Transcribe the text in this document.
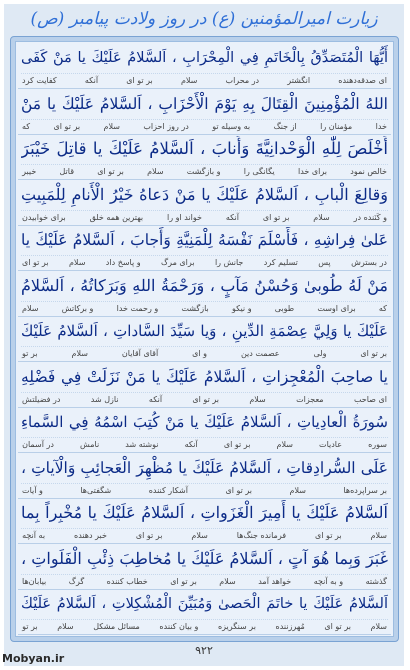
زیارت امیرالمؤمنین (ع) در روز ولادت پیامبر (ص)
أَيُّهَا الْمُتَصَدِّقُ بِالْخَاتَمِ فِي الْمِحْرَابِ ، اَلسَّلامُ عَلَيْكَ يا مَنْ كَفَى
ای صدقه‌دهنده
انگشتر
در محراب
سلام
بر تو ای
آنکه
کفایت کرد
اللهُ الْمُؤْمِنِينَ الْقِتَالَ بِهِ يَوْمَ الْأَحْزَابِ ، اَلسَّلامُ عَلَيْكَ يا مَنْ
خدا
مؤمنان را
از جنگ
به وسیله تو
در روز احزاب
سلام
بر تو ای
که
أَخْلَصَ لِلّٰهِ الْوَحْدانِيَّةَ وَأَنابَ ، اَلسَّلامُ عَلَيْكَ يا قاتِلَ خَيْبَرَ
خالص نمود
برای خدا
یگانگی را
و بازگشت
سلام
بر تو ای
قاتل
خیبر
وَقالِعَ الْبابِ ، اَلسَّلامُ عَلَيْكَ يا مَنْ دَعاهُ خَيْرُ الْأَنامِ لِلْمَبِيتِ
و کَنَنده در
سلام
بر تو ای
آنکه
خواند او را
بهترین همه خلق
برای خوابیدن
عَلىٰ فِراشِهِ ، فَأَسْلَمَ نَفْسَهُ لِلْمَنِيَّةِ وَأَجابَ ، اَلسَّلامُ عَلَيْكَ يا
در بسترش
پس
تسلیم کرد
جانش را
برای مرگ
و پاسخ داد
سلام
بر تو ای
مَنْ لَهُ طُوبىٰ وَحُسْنُ مَآبٍ ، وَرَحْمَةُ اللهِ وَبَرَكاتُهُ ، اَلسَّلامُ
که
برای اوست
طوبی
و نیکو
بازگشت
و رحمت خدا
و برکاتش
سلام
عَلَيْكَ يا وَلِيَّ عِصْمَةِ الدِّينِ ، وَيا سَيِّدَ السَّاداتِ ، اَلسَّلامُ عَلَيْكَ
بر تو ای
ولی
عصمت دین
و ای
آقای آقایان
سلام
بر تو
يا صاحِبَ الْمُعْجِزاتِ ، اَلسَّلامُ عَلَيْكَ يا مَنْ نَزَلَتْ فِي فَضْلِهِ
ای صاحب
معجزات
سلام
بر تو ای
آنکه
نازل شد
در فضیلتش
سُورَةُ الْعادِياتِ ، اَلسَّلامُ عَلَيْكَ يا مَنْ كُتِبَ اسْمُهُ فِي السَّماءِ
سوره
عادیات
سلام
بر تو ای
آنکه
نوشته شد
نامش
در آسمان
عَلَى السُّرادِقاتِ ، اَلسَّلامُ عَلَيْكَ يا مُظْهِرَ الْعَجائِبِ وَالْآياتِ ،
بر سراپرده‌ها
سلام
بر تو ای
آشکار کننده
شگفتی‌ها
و آیات
اَلسَّلامُ عَلَيْكَ يا أَمِيرَ الْغَزَواتِ ، اَلسَّلامُ عَلَيْكَ يا مُخْبِراً بِما
سلام
بر تو ای
فرمانده جنگ‌ها
سلام
بر تو ای
خبر دهنده
به آنچه
غَبَرَ وَبِما هُوَ آتٍ ، اَلسَّلامُ عَلَيْكَ يا مُخاطِبَ ذِئْبِ الْفَلَواتِ ،
گذشته
و به آنچه
خواهد آمد
سلام
بر تو ای
خطاب کننده
گرگ
بیابان‌ها
اَلسَّلامُ عَلَيْكَ يا خاتَمَ الْحَصىٰ وَمُبَيِّنَ الْمُشْكِلاتِ ، اَلسَّلامُ عَلَيْكَ
سلام
بر تو ای
مُهرزننده
بر سنگریزه
و بیان کننده
مسائل مشکل
سلام
بر تو
۹۲۲
Mobyan.ir
